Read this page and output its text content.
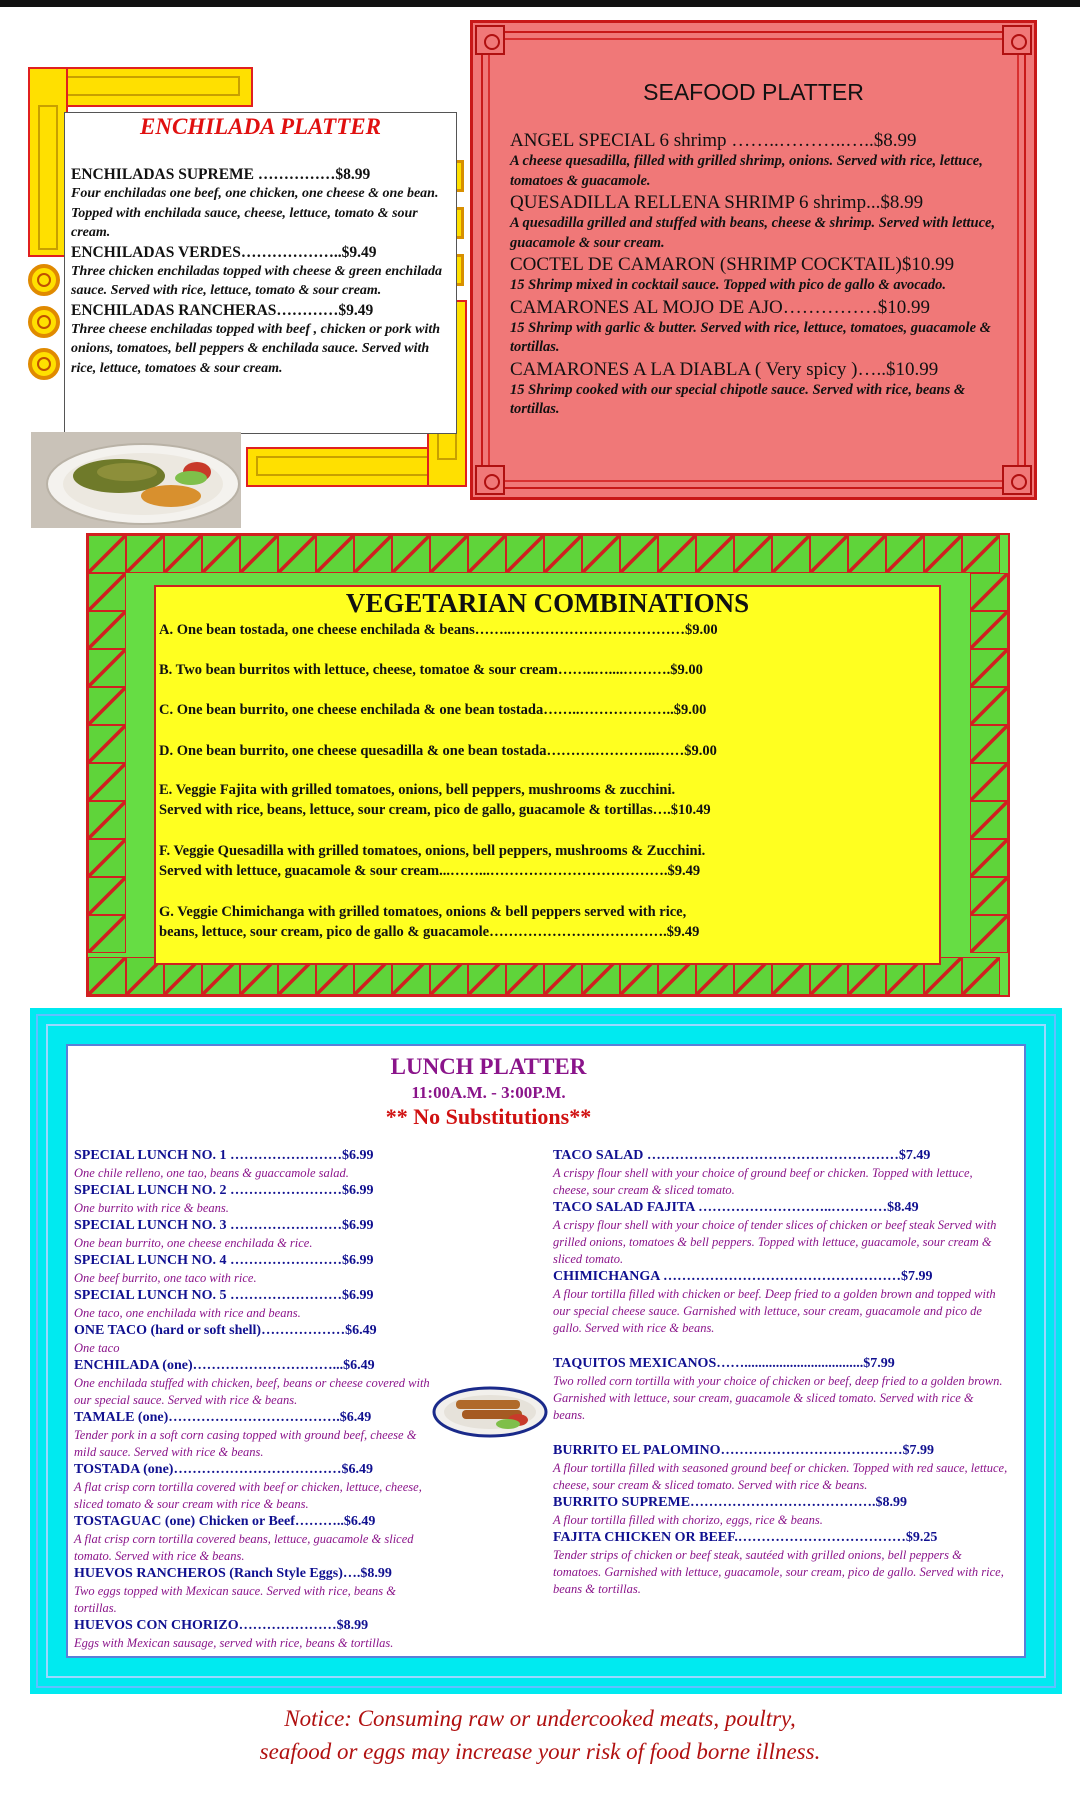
ENCHILADA PLATTER
ENCHILADAS SUPREME ……………$8.99
Four enchiladas one beef, one chicken, one cheese & one bean. Topped with enchilada sauce, cheese, lettuce, tomato & sour cream.
ENCHILADAS VERDES………………..$9.49
Three chicken enchiladas topped with cheese & green enchilada sauce. Served with rice, lettuce, tomato & sour cream.
ENCHILADAS RANCHERAS…………$9.49
Three cheese enchiladas topped with beef , chicken or pork with onions, tomatoes, bell peppers & enchilada sauce. Served with rice, lettuce, tomatoes & sour cream.
SEAFOOD PLATTER
ANGEL SPECIAL 6 shrimp ……..………..…..$8.99
A cheese quesadilla, filled with grilled shrimp, onions. Served with rice, lettuce, tomatoes & guacamole.
QUESADILLA RELLENA SHRIMP 6 shrimp...$8.99
A quesadilla grilled and stuffed with beans, cheese & shrimp. Served with lettuce, guacamole & sour cream.
COCTEL DE CAMARON (SHRIMP COCKTAIL)$10.99
15 Shrimp mixed in cocktail sauce. Topped with pico de gallo & avocado.
CAMARONES AL MOJO DE AJO……………$10.99
15 Shrimp with garlic & butter. Served with rice, lettuce, tomatoes, guacamole & tortillas.
CAMARONES A LA DIABLA ( Very spicy )…..$10.99
15 Shrimp cooked with our special chipotle sauce. Served with rice, beans & tortillas.
VEGETARIAN COMBINATIONS
A. One bean tostada, one cheese enchilada & beans……..………………………………$9.00
B. Two bean burritos with lettuce, cheese, tomatoe & sour cream……..…....……….$9.00
C. One bean burrito, one cheese enchilada & one bean tostada……..………………..$9.00
D. One bean burrito, one cheese quesadilla & one bean tostada…………………..……$9.00
E. Veggie Fajita with grilled tomatoes, onions, bell peppers, mushrooms & zucchini.
Served with rice, beans, lettuce, sour cream, pico de gallo, guacamole & tortillas….$10.49
F. Veggie Quesadilla with grilled tomatoes, onions, bell peppers, mushrooms & Zucchini.
Served with lettuce, guacamole & sour cream...……...……………………………….$9.49
G. Veggie Chimichanga with grilled tomatoes, onions & bell peppers served with rice,
beans, lettuce, sour cream, pico de gallo & guacamole……………………………….$9.49
LUNCH PLATTER
11:00A.M. - 3:00P.M.
** No Substitutions**
SPECIAL LUNCH NO. 1 ……………………$6.99
One chile relleno, one tao, beans & guaccamole salad.
SPECIAL LUNCH NO. 2 ……………………$6.99
One burrito with rice & beans.
SPECIAL LUNCH NO. 3 ……………………$6.99
One bean burrito, one cheese enchilada & rice.
SPECIAL LUNCH NO. 4 ……………………$6.99
One beef burrito, one taco with rice.
SPECIAL LUNCH NO. 5 ……………………$6.99
One taco, one enchilada with rice and beans.
ONE TACO (hard or soft shell)………………$6.49
One taco
ENCHILADA (one)…………………………...$6.49
One enchilada stuffed with chicken, beef, beans or cheese covered with our special sauce. Served with rice & beans.
TAMALE (one)……………………………….$6.49
Tender pork in a soft corn casing topped with ground beef, cheese & mild sauce. Served with rice & beans.
TOSTADA (one)………………………………$6.49
A flat crisp corn tortilla covered with beef or chicken, lettuce, cheese, sliced tomato & sour cream with rice & beans.
TOSTAGUAC (one) Chicken or Beef………..$6.49
A flat crisp corn tortilla covered beans, lettuce, guacamole & sliced tomato. Served with rice & beans.
HUEVOS RANCHEROS (Ranch Style Eggs)….$8.99
Two eggs topped with Mexican sauce. Served with rice, beans & tortillas.
HUEVOS CON CHORIZO…………………$8.99
Eggs with Mexican sausage, served with rice, beans & tortillas.
TACO SALAD ………………………………………………$7.49
A crispy flour shell with your choice of ground beef or chicken. Topped with lettuce, cheese, sour cream & sliced tomato.
TACO SALAD FAJITA ………………………..…………$8.49
A crispy flour shell with your choice of tender slices of chicken or beef steak Served with grilled onions, tomatoes & bell peppers. Topped with lettuce, guacamole, sour cream & sliced tomato.
CHIMICHANGA ……………………………………………$7.99
A flour tortilla filled with chicken or beef. Deep fried to a golden brown and topped with our special cheese sauce. Garnished with lettuce, sour cream, guacamole and pico de gallo. Served with rice & beans.
TAQUITOS MEXICANOS……..................................$7.99
Two rolled corn tortilla with your choice of chicken or beef, deep fried to a golden brown. Garnished with lettuce, sour cream, guacamole & sliced tomato. Served with rice & beans.
BURRITO EL PALOMINO…………………………………$7.99
A flour tortilla filled with seasoned ground beef or chicken. Topped with red sauce, lettuce, cheese, sour cream & sliced tomato. Served with rice & beans.
BURRITO SUPREME………………………………….$8.99
A flour tortilla filled with chorizo, eggs, rice & beans.
FAJITA CHICKEN OR BEEF.………………………………$9.25
Tender strips of chicken or beef steak, sautéed with grilled onions, bell peppers & tomatoes. Garnished with lettuce, guacamole, sour cream, pico de gallo. Served with rice, beans & tortillas.
Notice: Consuming raw or undercooked meats, poultry,
seafood or eggs may increase your risk of food borne illness.
